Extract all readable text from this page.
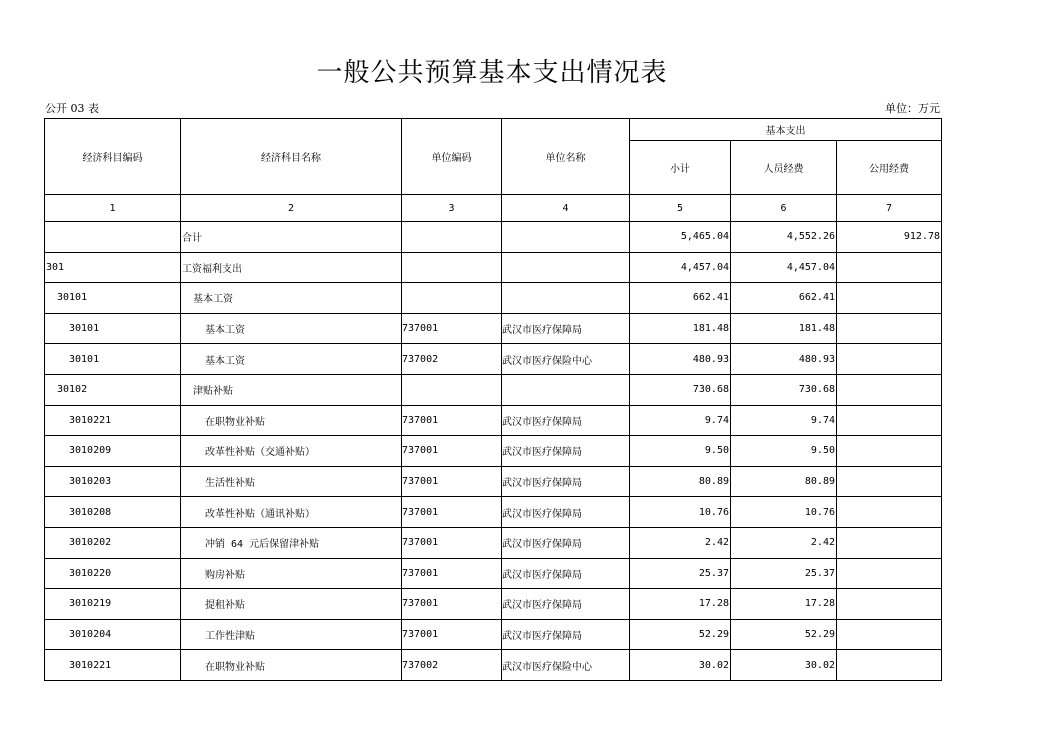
一般公共预算基本支出情况表
公开 03 表	单位：万元
经济科目编码	经济科目名称	单位编码	单位名称	基本支出		
				小计	人员经费	公用经费
1	2	3	4	5	6	7
	合计			5,465.04	4,552.26	912.78
301	工资福利支出			4,457.04	4,457.04	
30101	基本工资			662.41	662.41	
30101	基本工资	737001	武汉市医疗保障局	181.48	181.48	
30101	基本工资	737002	武汉市医疗保险中心	480.93	480.93	
30102	津贴补贴			730.68	730.68	
3010221	在职物业补贴	737001	武汉市医疗保障局	9.74	9.74	
3010209	改革性补贴（交通补贴）	737001	武汉市医疗保障局	9.50	9.50	
3010203	生活性补贴	737001	武汉市医疗保障局	80.89	80.89	
3010208	改革性补贴（通讯补贴）	737001	武汉市医疗保障局	10.76	10.76	
3010202	冲销 64 元后保留津补贴	737001	武汉市医疗保障局	2.42	2.42	
3010220	购房补贴	737001	武汉市医疗保障局	25.37	25.37	
3010219	提租补贴	737001	武汉市医疗保障局	17.28	17.28	
3010204	工作性津贴	737001	武汉市医疗保障局	52.29	52.29	
3010221	在职物业补贴	737002	武汉市医疗保险中心	30.02	30.02	
